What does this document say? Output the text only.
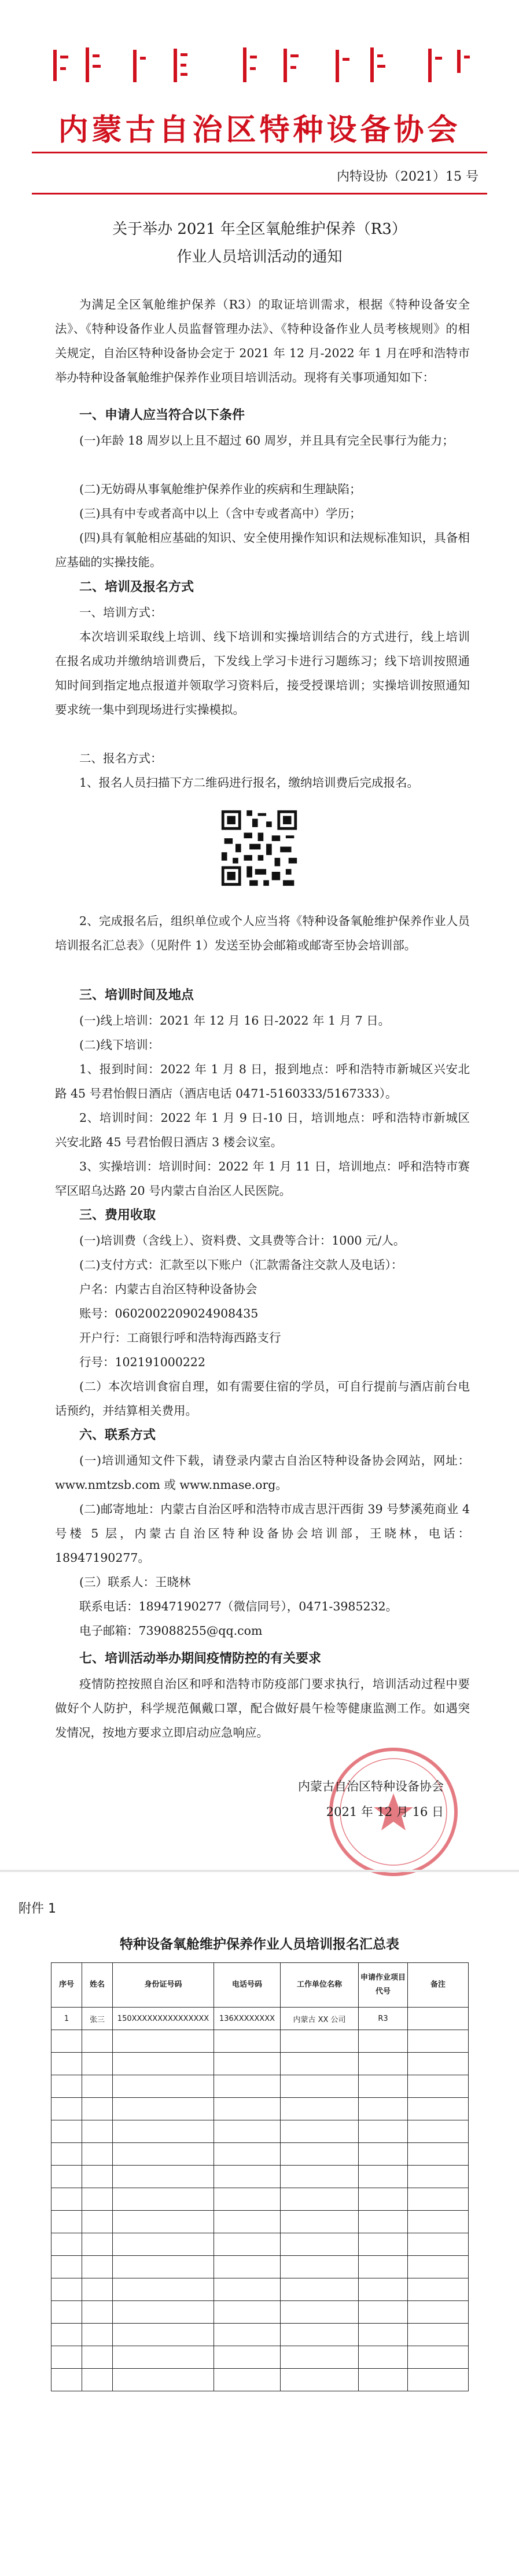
内蒙古自治区特种设备协会
内特设协（2021）15 号
关于举办 2021 年全区氧舱维护保养（R3）
作业人员培训活动的通知

为满足全区氧舱维护保养（R3）的取证培训需求，根据《特种设备安全法》、《特种设备作业人员监督管理办法》、《特种设备作业人员考核规则》的相关规定，自治区特种设备协会定于 2021 年 12 月-2022 年 1 月在呼和浩特市举办特种设备氧舱维护保养作业项目培训活动。现将有关事项通知如下：

一、申请人应当符合以下条件

(一)年龄 18 周岁以上且不超过 60 周岁，并且具有完全民事行为能力；

(二)无妨碍从事氧舱维护保养作业的疾病和生理缺陷；

(三)具有中专或者高中以上（含中专或者高中）学历；

(四)具有氧舱相应基础的知识、安全使用操作知识和法规标准知识，具备相应基础的实操技能。

二、培训及报名方式

一、培训方式：

本次培训采取线上培训、线下培训和实操培训结合的方式进行，线上培训在报名成功并缴纳培训费后，下发线上学习卡进行习题练习；线下培训按照通知时间到指定地点报道并领取学习资料后，接受授课培训；实操培训按照通知要求统一集中到现场进行实操模拟。

二、报名方式：

1、报名人员扫描下方二维码进行报名，缴纳培训费后完成报名。

2、完成报名后，组织单位或个人应当将《特种设备氧舱维护保养作业人员培训报名汇总表》（见附件 1）发送至协会邮箱或邮寄至协会培训部。

三、培训时间及地点

(一)线上培训：2021 年 12 月 16 日-2022 年 1 月 7 日。

(二)线下培训：

1、报到时间：2022 年 1 月 8 日，报到地点：呼和浩特市新城区兴安北路 45 号君怡假日酒店（酒店电话 0471-5160333/5167333）。

2、培训时间：2022 年 1 月 9 日-10 日，培训地点：呼和浩特市新城区兴安北路 45 号君怡假日酒店 3 楼会议室。

3、实操培训：培训时间：2022 年 1 月 11 日，培训地点：呼和浩特市赛罕区昭乌达路 20 号内蒙古自治区人民医院。

三、费用收取

(一)培训费（含线上）、资料费、文具费等合计：1000 元/人。

(二)支付方式：汇款至以下账户（汇款需备注交款人及电话）：

户名：内蒙古自治区特种设备协会

账号：0602002209024908435

开户行：工商银行呼和浩特海西路支行

行号：102191000222

(二）本次培训食宿自理，如有需要住宿的学员，可自行提前与酒店前台电话预约，并结算相关费用。

六、联系方式

(一)培训通知文件下载，请登录内蒙古自治区特种设备协会网站，网址：www.nmtzsb.com 或 www.nmase.org。

(二)邮寄地址：内蒙古自治区呼和浩特市成吉思汗西街 39 号梦溪苑商业 4 号楼 5 层，内蒙古自治区特种设备协会培训部，王晓林，电话：18947190277。

(三）联系人：王晓林

联系电话：18947190277（微信同号），0471-3985232。

电子邮箱：739088255@qq.com

七、培训活动举办期间疫情防控的有关要求

疫情防控按照自治区和呼和浩特市防疫部门要求执行，培训活动过程中要做好个人防护，科学规范佩戴口罩，配合做好晨午检等健康监测工作。如遇突发情况，按地方要求立即启动应急响应。

内蒙古自治区特种设备协会
2021 年 12 月 16 日
附件 1
特种设备氧舱维护保养作业人员培训报名汇总表
序号	姓名	身份证号码	电话号码	工作单位名称	申请作业项目代号	备注
1	张三	150XXXXXXXXXXXXXXX	136XXXXXXXX	内蒙古 XX 公司	R3	
